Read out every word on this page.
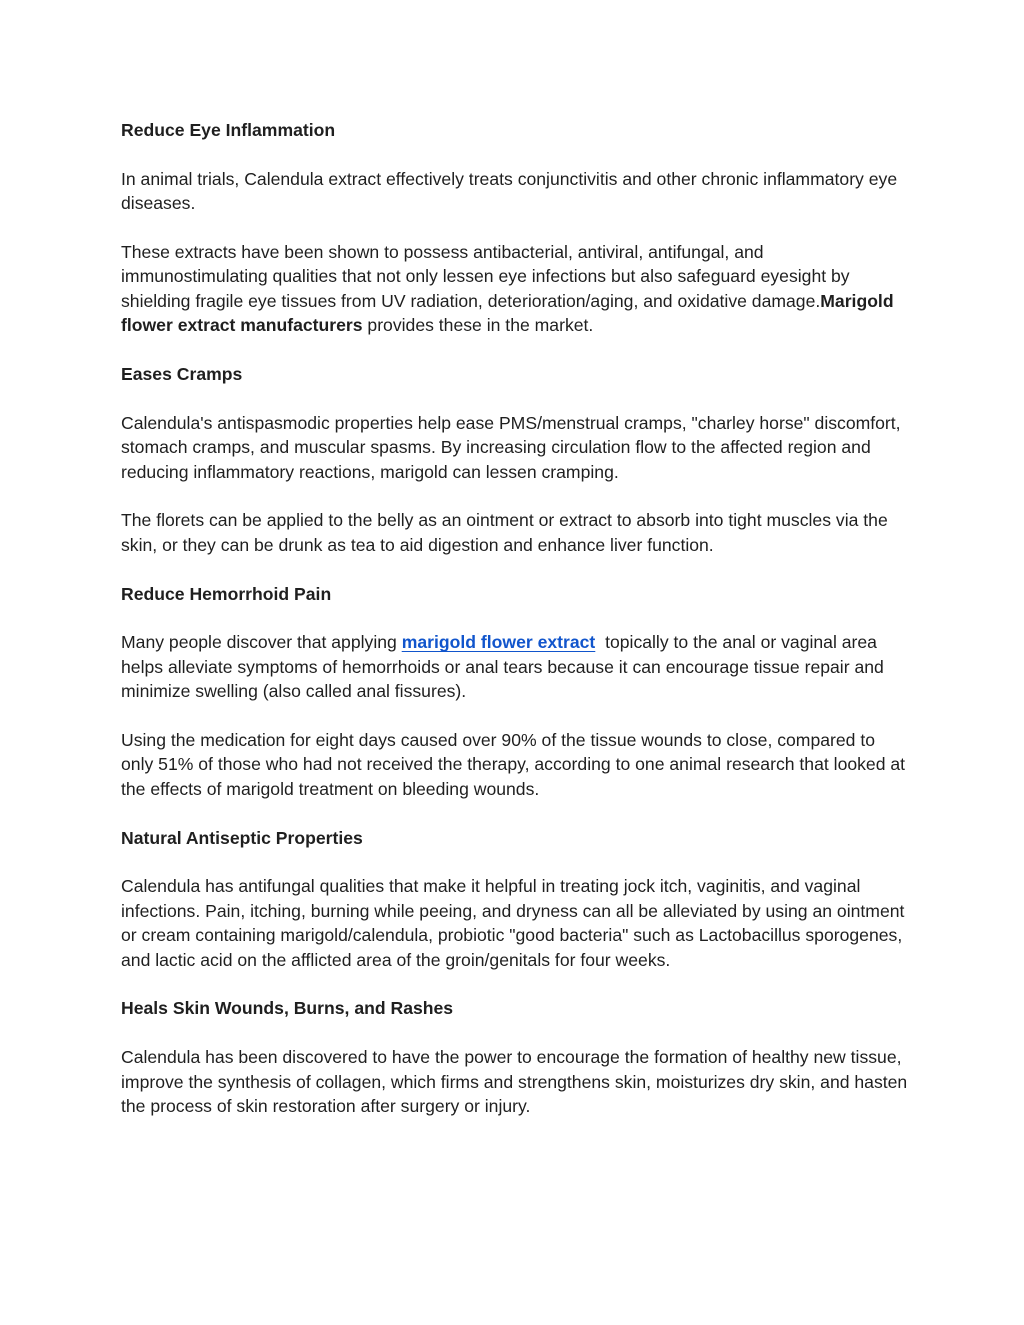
Reduce Eye Inflammation

In animal trials, Calendula extract effectively treats conjunctivitis and other chronic inflammatory eye diseases.

These extracts have been shown to possess antibacterial, antiviral, antifungal, and immunostimulating qualities that not only lessen eye infections but also safeguard eyesight by shielding fragile eye tissues from UV radiation, deterioration/aging, and oxidative damage.Marigold flower extract manufacturers provides these in the market.

Eases Cramps

Calendula's antispasmodic properties help ease PMS/menstrual cramps, "charley horse" discomfort, stomach cramps, and muscular spasms. By increasing circulation flow to the affected region and reducing inflammatory reactions, marigold can lessen cramping.

The florets can be applied to the belly as an ointment or extract to absorb into tight muscles via the skin, or they can be drunk as tea to aid digestion and enhance liver function.

Reduce Hemorrhoid Pain

Many people discover that applying marigold flower extract  topically to the anal or vaginal area helps alleviate symptoms of hemorrhoids or anal tears because it can encourage tissue repair and minimize swelling (also called anal fissures).

Using the medication for eight days caused over 90% of the tissue wounds to close, compared to only 51% of those who had not received the therapy, according to one animal research that looked at the effects of marigold treatment on bleeding wounds.

Natural Antiseptic Properties

Calendula has antifungal qualities that make it helpful in treating jock itch, vaginitis, and vaginal infections. Pain, itching, burning while peeing, and dryness can all be alleviated by using an ointment or cream containing marigold/calendula, probiotic "good bacteria" such as Lactobacillus sporogenes, and lactic acid on the afflicted area of the groin/genitals for four weeks.

Heals Skin Wounds, Burns, and Rashes

Calendula has been discovered to have the power to encourage the formation of healthy new tissue, improve the synthesis of collagen, which firms and strengthens skin, moisturizes dry skin, and hasten the process of skin restoration after surgery or injury.
